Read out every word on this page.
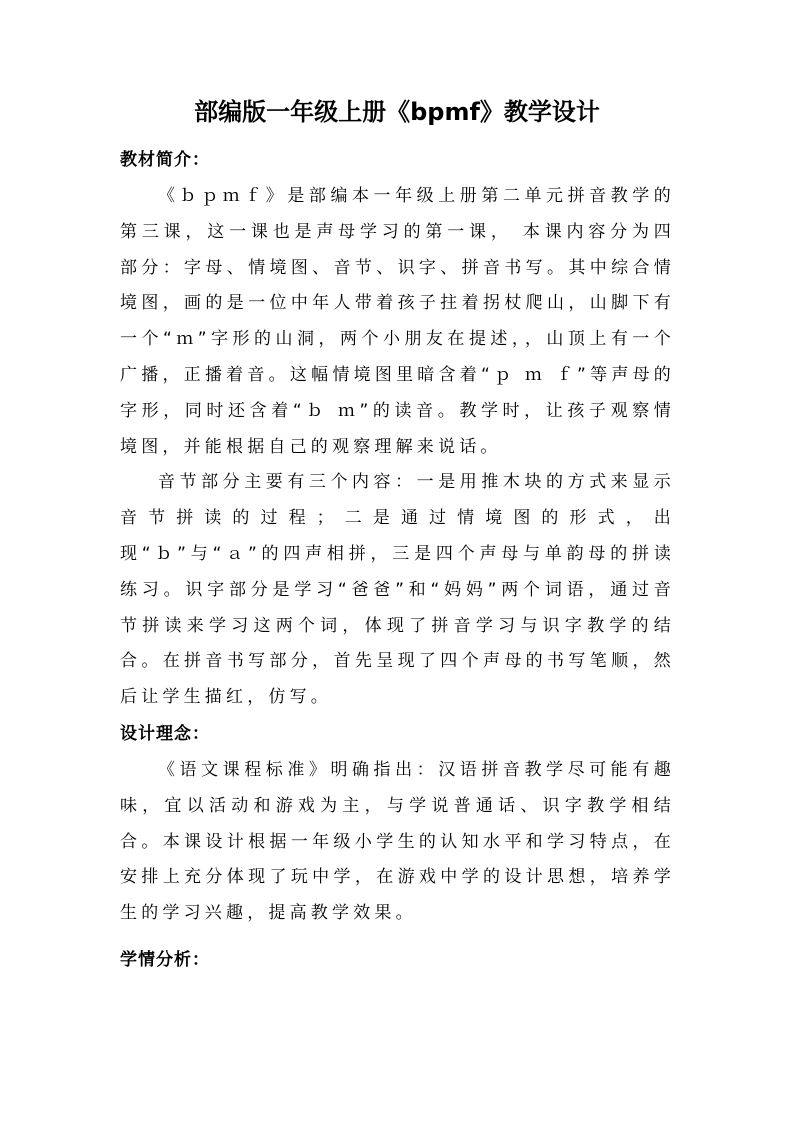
部编版一年级上册《bpmf》教学设计
教材简介：

《ｂｐｍｆ》是部编本一年级上册第二单元拼音教学的第三课，这一课也是声母学习的第一课， 本课内容分为四部分：字母、情境图、音节、识字、拼音书写。其中综合情境图，画的是一位中年人带着孩子拄着拐杖爬山，山脚下有一个“ｍ”字形的山洞，两个小朋友在提述，，山顶上有一个广播，正播着音。这幅情境图里暗含着“ｐ ｍ ｆ”等声母的字形，同时还含着“ｂ ｍ”的读音。教学时，让孩子观察情境图，并能根据自己的观察理解来说话。

音节部分主要有三个内容：一是用推木块的方式来显示音节拼读的过程；二是通过情境图的形式，出现“ｂ”与“ａ”的四声相拼，三是四个声母与单韵母的拼读练习。识字部分是学习“爸爸”和“妈妈”两个词语，通过音节拼读来学习这两个词，体现了拼音学习与识字教学的结合。在拼音书写部分，首先呈现了四个声母的书写笔顺，然后让学生描红，仿写。

设计理念：

《语文课程标准》明确指出：汉语拼音教学尽可能有趣味，宜以活动和游戏为主，与学说普通话、识字教学相结合。本课设计根据一年级小学生的认知水平和学习特点，在安排上充分体现了玩中学，在游戏中学的设计思想，培养学生的学习兴趣，提高教学效果。

学情分析：
